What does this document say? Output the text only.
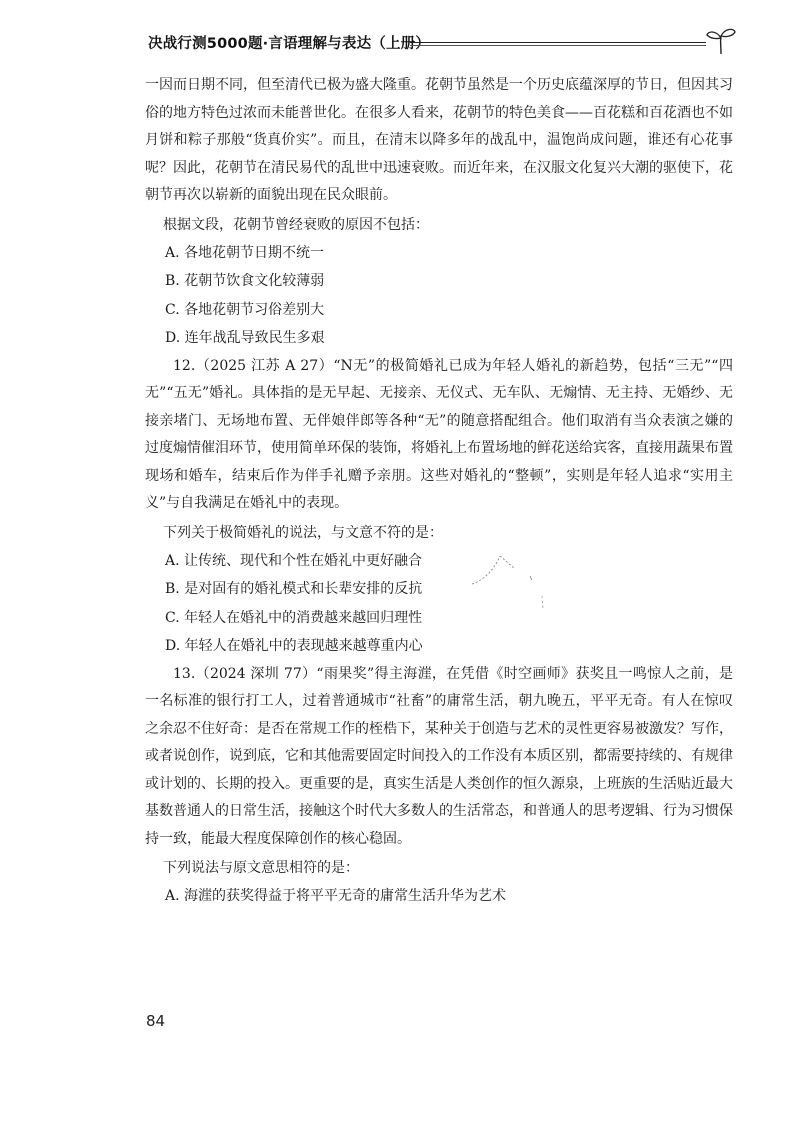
决战行测5000题·言语理解与表达（上册）

一因而日期不同，但至清代已极为盛大隆重。花朝节虽然是一个历史底蕴深厚的节日，但因其习俗的地方特色过浓而未能普世化。在很多人看来，花朝节的特色美食——百花糕和百花酒也不如月饼和粽子那般“货真价实”。而且，在清末以降多年的战乱中，温饱尚成问题，谁还有心花事呢？因此，花朝节在清民易代的乱世中迅速衰败。而近年来，在汉服文化复兴大潮的驱使下，花朝节再次以崭新的面貌出现在民众眼前。

根据文段，花朝节曾经衰败的原因不包括：

A. 各地花朝节日期不统一

B. 花朝节饮食文化较薄弱

C. 各地花朝节习俗差别大

D. 连年战乱导致民生多艰

12.（2025 江苏 A 27）“N无”的极简婚礼已成为年轻人婚礼的新趋势，包括“三无”“四无”“五无”婚礼。具体指的是无早起、无接亲、无仪式、无车队、无煽情、无主持、无婚纱、无接亲堵门、无场地布置、无伴娘伴郎等各种“无”的随意搭配组合。他们取消有当众表演之嫌的过度煽情催泪环节，使用简单环保的装饰，将婚礼上布置场地的鲜花送给宾客，直接用蔬果布置现场和婚车，结束后作为伴手礼赠予亲朋。这些对婚礼的“整顿”，实则是年轻人追求“实用主义”与自我满足在婚礼中的表现。

下列关于极简婚礼的说法，与文意不符的是：

A. 让传统、现代和个性在婚礼中更好融合

B. 是对固有的婚礼模式和长辈安排的反抗

C. 年轻人在婚礼中的消费越来越回归理性

D. 年轻人在婚礼中的表现越来越尊重内心

13.（2024 深圳 77）“雨果奖”得主海漄，在凭借《时空画师》获奖且一鸣惊人之前，是一名标准的银行打工人，过着普通城市“社畜”的庸常生活，朝九晚五，平平无奇。有人在惊叹之余忍不住好奇：是否在常规工作的桎梏下，某种关于创造与艺术的灵性更容易被激发？写作，或者说创作，说到底，它和其他需要固定时间投入的工作没有本质区别，都需要持续的、有规律或计划的、长期的投入。更重要的是，真实生活是人类创作的恒久源泉，上班族的生活贴近最大基数普通人的日常生活，接触这个时代大多数人的生活常态，和普通人的思考逻辑、行为习惯保持一致，能最大程度保障创作的核心稳固。

下列说法与原文意思相符的是：

A. 海漄的获奖得益于将平平无奇的庸常生活升华为艺术

84
